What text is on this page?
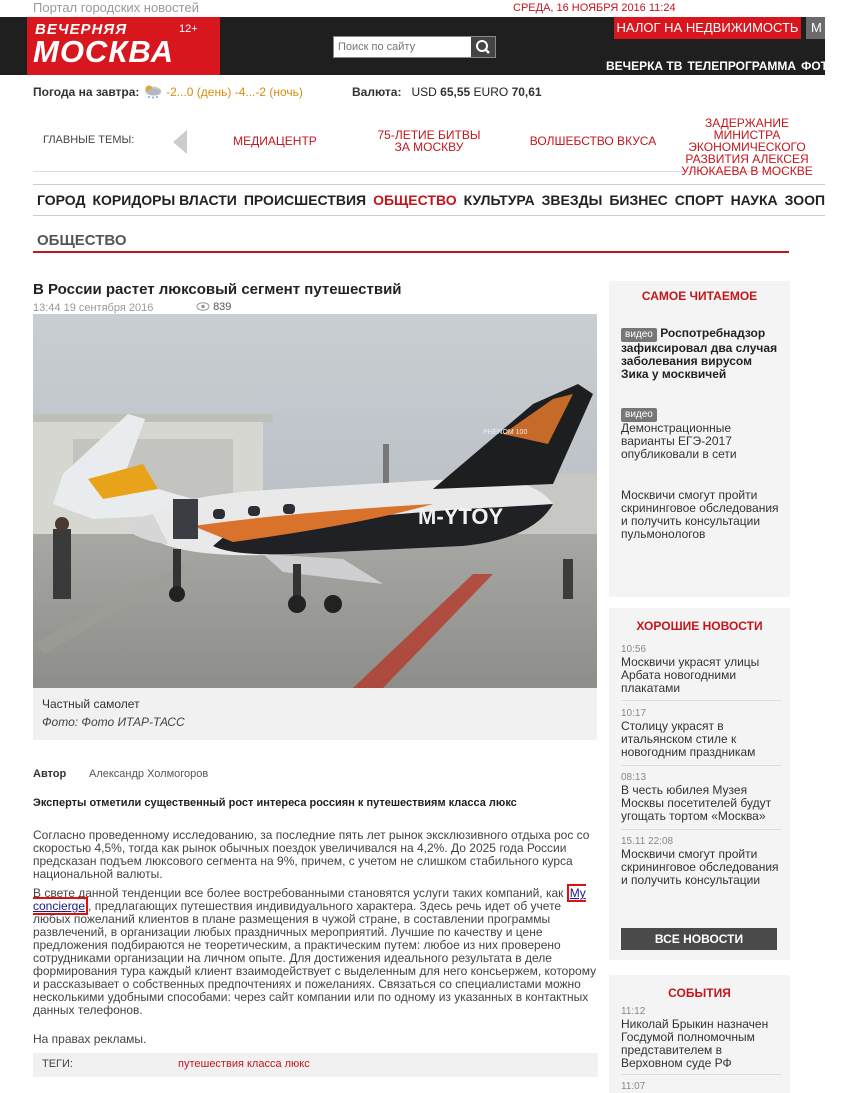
Портал городских новостей	СРЕДА, 16 НОЯБРЯ 2016 11:24
ВЕЧЕРНЯЯ
МОСКВА
12+
Поиск по сайту	НАЛОГ НА НЕДВИЖИМОСТЬ М
ВЕЧЕРКА ТВ ТЕЛЕПРОГРАММА ФОТО ВЫ
Погода на завтра: -2...0 (день) -4...-2 (ночь)	Валюта: USD 65,55 EURO 70,61
ГЛАВНЫЕ ТЕМЫ:	МЕДИАЦЕНТР	75-ЛЕТИЕ БИТВЫ ЗА МОСКВУ	ВОЛШЕБСТВО ВКУСА
ЗАДЕРЖАНИЕ МИНИСТРА ЭКОНОМИЧЕСКОГО РАЗВИТИЯ АЛЕКСЕЯ УЛЮКАЕВА В МОСКВЕ
ГОРОД КОРИДОРЫ ВЛАСТИ ПРОИСШЕСТВИЯ ОБЩЕСТВО КУЛЬТУРА ЗВЕЗДЫ БИЗНЕС СПОРТ НАУКА ЗООП
ОБЩЕСТВО
В России растет люксовый сегмент путешествий
13:44 19 сентября 2016	839
M-YTOY
PHENOM 100
Частный самолет
Фото: Фото ИТАР-ТАСС
Автор Александр Холмогоров
Эксперты отметили существенный рост интереса россиян к путешествиям класса люкс
Согласно проведенному исследованию, за последние пять лет рынок эксклюзивного отдыха рос со скоростью 4,5%, тогда как рынок обычных поездок увеличивался на 4,2%. До 2025 года России предсказан подъем люксового сегмента на 9%, причем, с учетом не слишком стабильного курса национальной валюты.
В свете данной тенденции все более востребованными становятся услуги таких компаний, как My concierge , предлагающих путешествия индивидуального характера. Здесь речь идет об учете любых пожеланий клиентов в плане размещения в чужой стране, в составлении программы развлечений, в организации любых праздничных мероприятий. Лучшие по качеству и цене предложения подбираются не теоретическим, а практическим путем: любое из них проверено сотрудниками организации на личном опыте. Для достижения идеального результата в деле формирования тура каждый клиент взаимодействует с выделенным для него консьержем, которому и рассказывает о собственных предпочтениях и пожеланиях. Связаться со специалистами можно несколькими удобными способами: через сайт компании или по одному из указанных в контактных данных телефонов.
На правах рекламы.
ТЕГИ:	путешествия класса люкс
САМОЕ ЧИТАЕМОЕ
видео Роспотребнадзор зафиксировал два случая заболевания вирусом Зика у москвичей
видео
Демонстрационные варианты ЕГЭ-2017 опубликовали в сети
Москвичи смогут пройти скрининговое обследования и получить консультации пульмонологов
ХОРОШИЕ НОВОСТИ
10:56
Москвичи украсят улицы Арбата новогодними плакатами
10:17
Столицу украсят в итальянском стиле к новогодним праздникам
08:13
В честь юбилея Музея Москвы посетителей будут угощать тортом «Москва»
15.11 22:08
Москвичи смогут пройти скрининговое обследования и получить консультации
ВСЕ НОВОСТИ
СОБЫТИЯ
11:12
Николай Брыкин назначен Госдумой полномочным представителем в Верховном суде РФ
11:07
